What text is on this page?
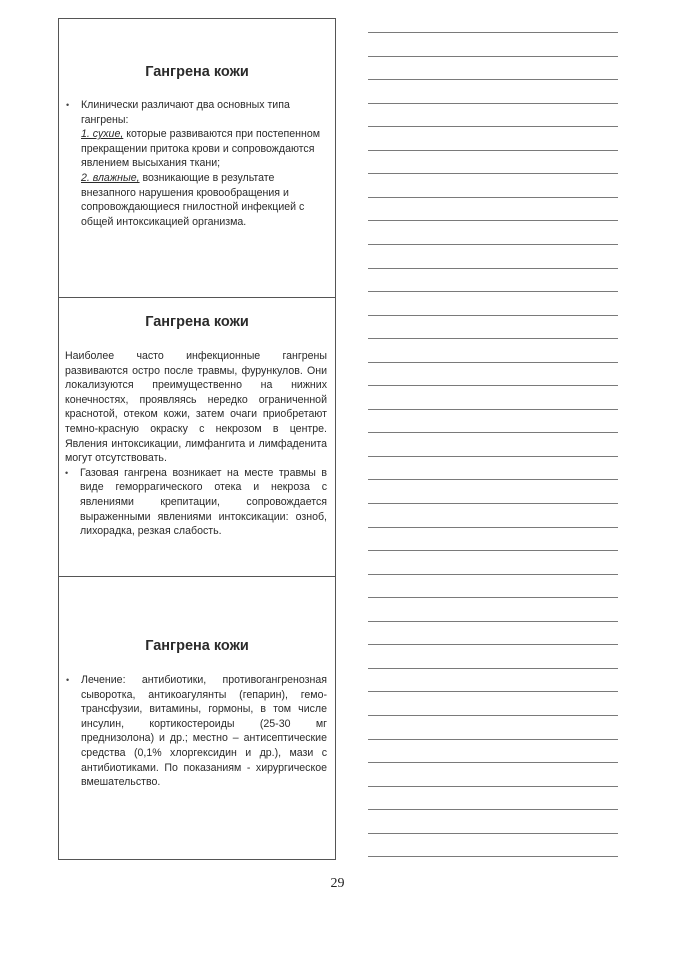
Гангрена кожи
•	Клинически различают два основных типа гангрены:
1. сухие, которые развиваются при постепенном прекращении притока крови и сопровождаются явлением высыхания ткани;
2. влажные, возникающие в результате внезапного нарушения кровообращения и сопровождающиеся гнилостной инфекцией с общей интоксикацией организма.
Гангрена кожи
Наиболее часто инфекционные гангрены развиваются остро после травмы, фурункулов. Они локализуются преимущественно на нижних конечностях, проявляясь нередко ограниченной краснотой, отеком кожи, затем очаги приобретают темно-красную окраску с некрозом в центре. Явления интоксикации, лимфангита и лимфаденита могут отсутствовать.
•	Газовая гангрена возникает на месте травмы в виде геморрагического отека и некроза с явлениями крепитации, сопровождается выраженными явлениями интоксикации: озноб, лихорадка, резкая слабость.
Гангрена кожи
•	Лечение: антибиотики, противогангренозная сыворотка, антикоагулянты (гепарин), гемо-трансфузии, витамины, гормоны, в том числе инсулин, кортикостероиды (25-30 мг преднизолона) и др.; местно – антисептические средства (0,1% хлоргексидин и др.), мази с антибиотиками. По показаниям - хирургическое вмешательство.
29
